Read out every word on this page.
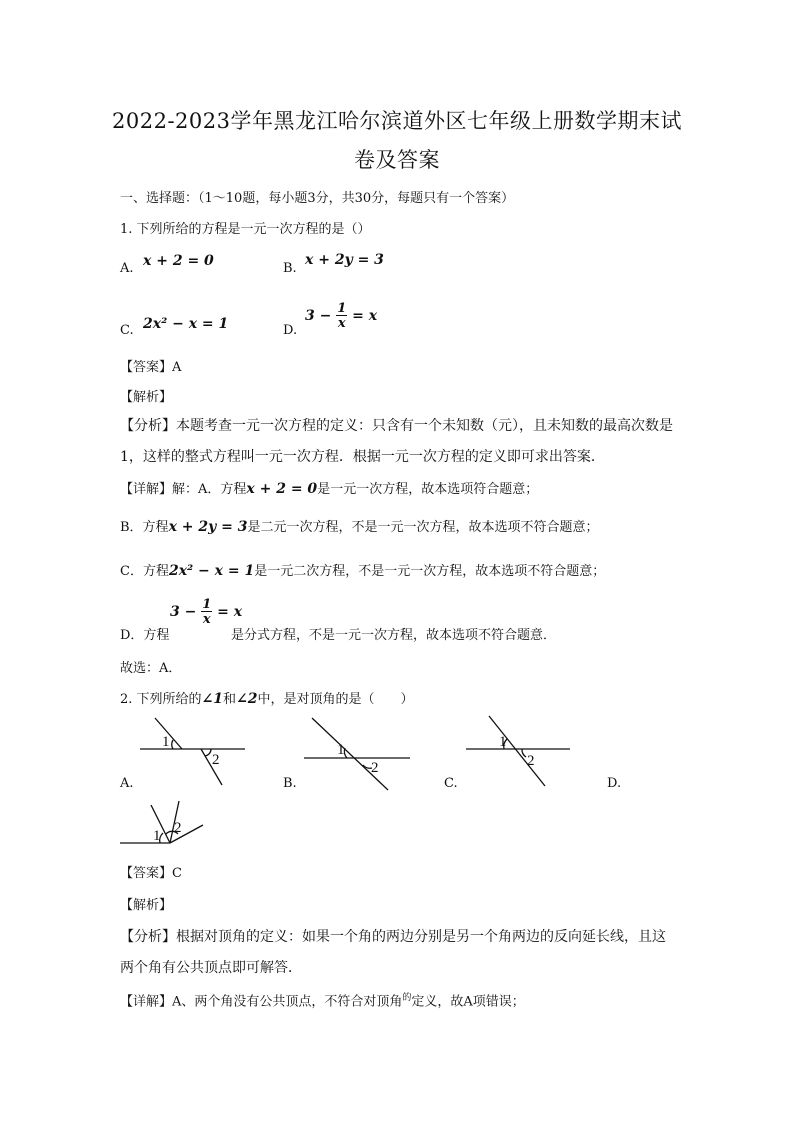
2022-2023学年黑龙江哈尔滨道外区七年级上册数学期末试
卷及答案
一、选择题：（1～10题，每小题3分，共30分，每题只有一个答案）
1. 下列所给的方程是一元一次方程的是（）
A. x + 2 = 0	B.
x + 2y = 3
C. 2x² − x = 1	D.
$3 - \frac{1}{x} = x$
【答案】A
【解析】
【分析】本题考查一元一次方程的定义：只含有一个未知数（元），且未知数的最高次数是
1，这样的整式方程叫一元一次方程．根据一元一次方程的定义即可求出答案．
【详解】解：A．方程x + 2 = 0是一元一次方程，故本选项符合题意；
B．方程x + 2y = 3是二元一次方程，不是一元一次方程，故本选项不符合题意；
C．方程2x² − x = 1是一元二次方程，不是一元一次方程，故本选项不符合题意；
D．方程
$3 - \frac{1}{x} = x$
是分式方程，不是一元一次方程，故本选项不符合题意．
故选：A．
2. 下列所给的∠1和∠2中，是对顶角的是（　　）
1
2
1
2
1
2
1 2
A.	B.	C.	D.
【答案】C
【解析】
【分析】根据对顶角的定义：如果一个角的两边分别是另一个角两边的反向延长线，且这
两个角有公共顶点即可解答．
【详解】A、两个角没有公共顶点，不符合对顶角$^的$定义，故A项错误；
